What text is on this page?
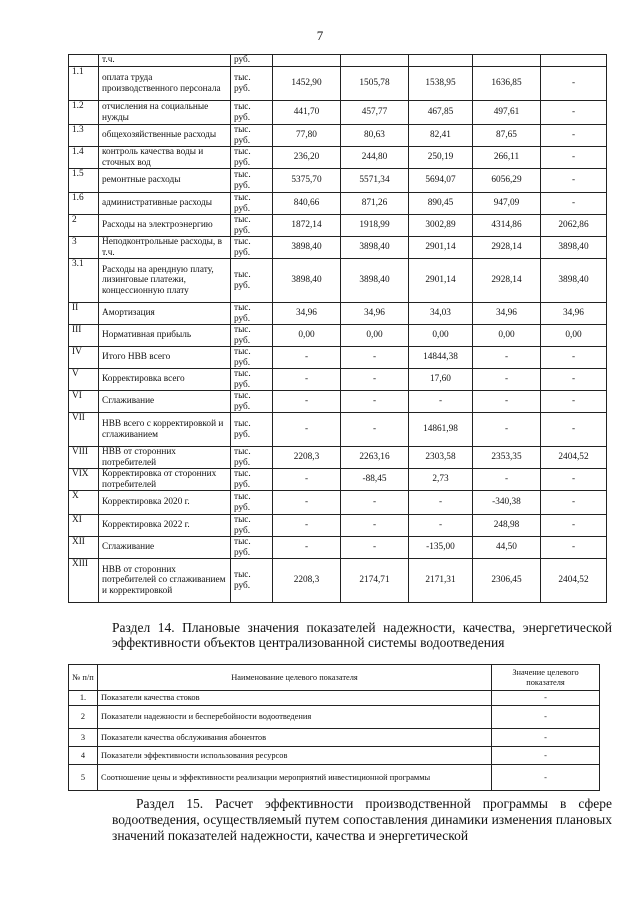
7
	т.ч.	руб.					
1.1	оплата труда производственного персонала	тыс. руб.	1452,90	1505,78	1538,95	1636,85	-
1.2	отчисления на социальные нужды	тыс. руб.	441,70	457,77	467,85	497,61	-
1.3	общехозяйственные расходы	тыс. руб.	77,80	80,63	82,41	87,65	-
1.4	контроль качества воды и сточных вод	тыс. руб.	236,20	244,80	250,19	266,11	-
1.5	ремонтные расходы	тыс. руб.	5375,70	5571,34	5694,07	6056,29	-
1.6	административные расходы	тыс. руб.	840,66	871,26	890,45	947,09	-
2	Расходы на электроэнергию	тыс. руб.	1872,14	1918,99	3002,89	4314,86	2062,86
3	Неподконтрольные расходы, в т.ч.	тыс. руб.	3898,40	3898,40	2901,14	2928,14	3898,40
3.1	Расходы на арендную плату, лизинговые платежи, концессионную плату	тыс. руб.	3898,40	3898,40	2901,14	2928,14	3898,40
II	Амортизация	тыс. руб.	34,96	34,96	34,03	34,96	34,96
III	Нормативная прибыль	тыс. руб.	0,00	0,00	0,00	0,00	0,00
IV	Итого НВВ всего	тыс. руб.	-	-	14844,38	-	-
V	Корректировка всего	тыс. руб.	-	-	17,60	-	-
VI	Сглаживание	тыс. руб.	-	-	-	-	-
VII	НВВ всего с корректировкой и сглаживанием	тыс. руб.	-	-	14861,98	-	-
VIII	НВВ от сторонних потребителей	тыс. руб.	2208,3	2263,16	2303,58	2353,35	2404,52
VIX	Корректировка от сторонних потребителей	тыс. руб.	-	-88,45	2,73	-	-
X	Корректировка 2020 г.	тыс. руб.	-	-	-	-340,38	-
XI	Корректировка 2022 г.	тыс. руб.	-	-	-	248,98	-
XII	Сглаживание	тыс. руб.	-	-	-135,00	44,50	-
XIII	НВВ от сторонних потребителей со сглаживанием и корректировкой	тыс. руб.	2208,3	2174,71	2171,31	2306,45	2404,52
Раздел 14. Плановые значения показателей надежности, качества, энергетической эффективности объектов централизованной системы водоотведения
№ п/п	Наименование целевого показателя	Значение целевого показателя
1.	Показатели качества стоков	-
2	Показатели надежности и бесперебойности водоотведения	-
3	Показатели качества обслуживания абонентов	-
4	Показатели эффективности использования ресурсов	-
5	Соотношение цены и эффективности реализации мероприятий инвестиционной программы	-
Раздел 15. Расчет эффективности производственной программы в сфере водоотведения, осуществляемый путем сопоставления динамики изменения плановых значений показателей надежности, качества и энергетической
